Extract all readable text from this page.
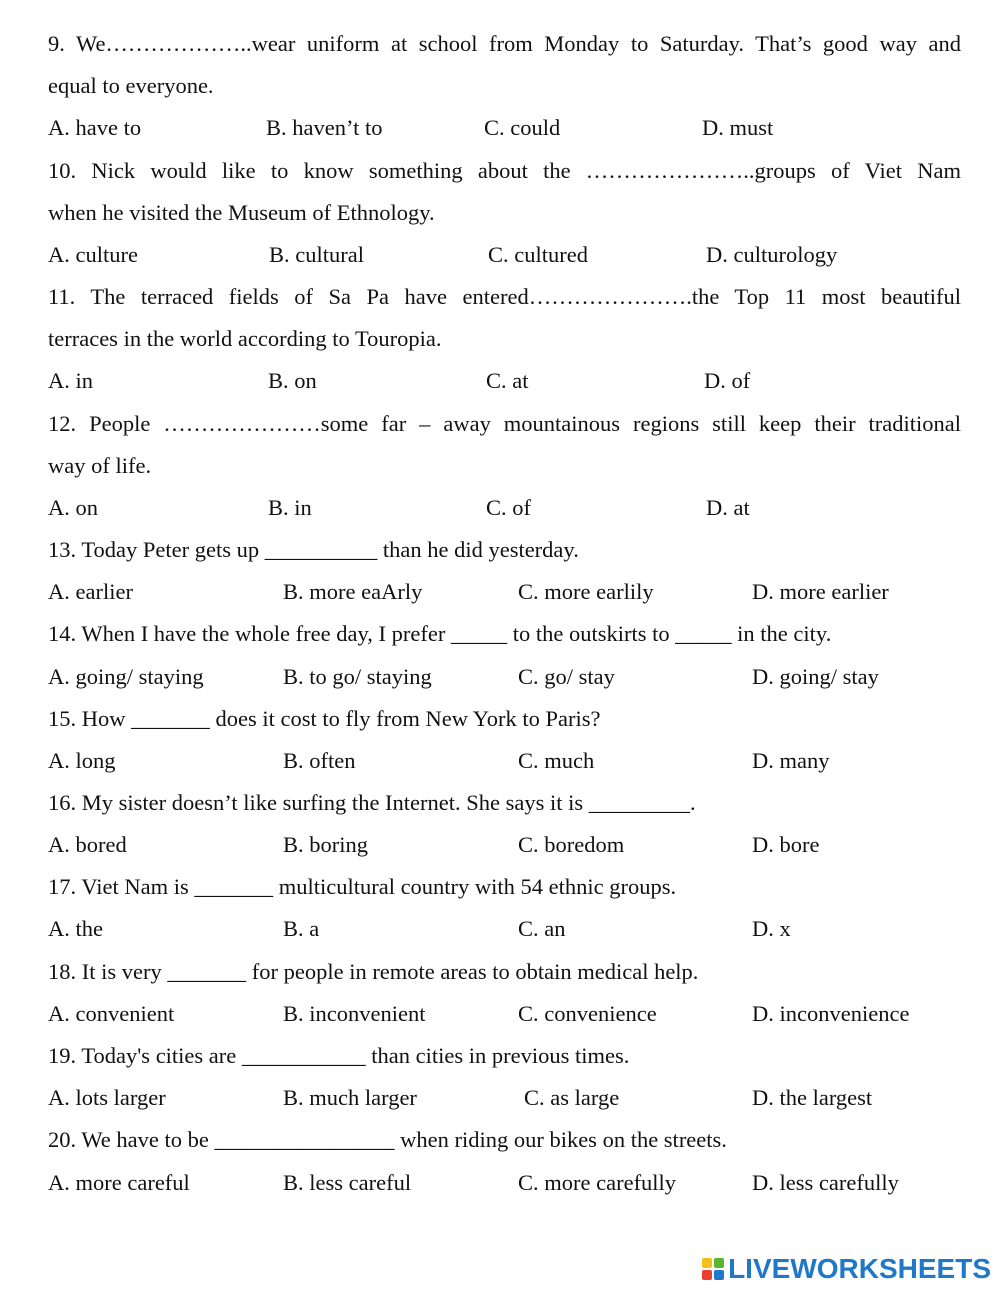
9. We………………..wear uniform at school from Monday to Saturday. That’s good way and
equal to everyone.
A. have to	B. haven’t to	C. could	D. must
10. Nick would like to know something about the …………………..groups of Viet Nam
when he visited the Museum of Ethnology.
A. culture	B. cultural	C. cultured	D. culturology
11. The terraced fields of Sa Pa have entered………………….the Top 11 most beautiful
terraces in the world according to Touropia.
A. in	B. on	C. at	D. of
12. People …………………some far – away mountainous regions still keep their traditional
way of life.
A. on	B. in	C. of	D. at
13. Today Peter gets up __________ than he did yesterday.
A. earlier	B. more eaArly	C. more earlily	D. more earlier
14. When I have the whole free day, I prefer _____ to the outskirts to _____ in the city.
A. going/ staying	B. to go/ staying	C. go/ stay	D. going/ stay
15. How _______ does it cost to fly from New York to Paris?
A. long	B. often	C. much	D. many
16. My sister doesn’t like surfing the Internet. She says it is _________.
A. bored	B. boring	C. boredom	D. bore
17. Viet Nam is _______ multicultural country with 54 ethnic groups.
A. the	B. a	C. an	D. x
18. It is very _______ for people in remote areas to obtain medical help.
A. convenient	B. inconvenient	C. convenience	D. inconvenience
19. Today's cities are ___________ than cities in previous times.
A. lots larger	B. much larger	C. as large	D. the largest
20. We have to be ________________ when riding our bikes on the streets.
A. more careful	B. less careful	C. more carefully	D. less carefully
LIVEWORKSHEETS
